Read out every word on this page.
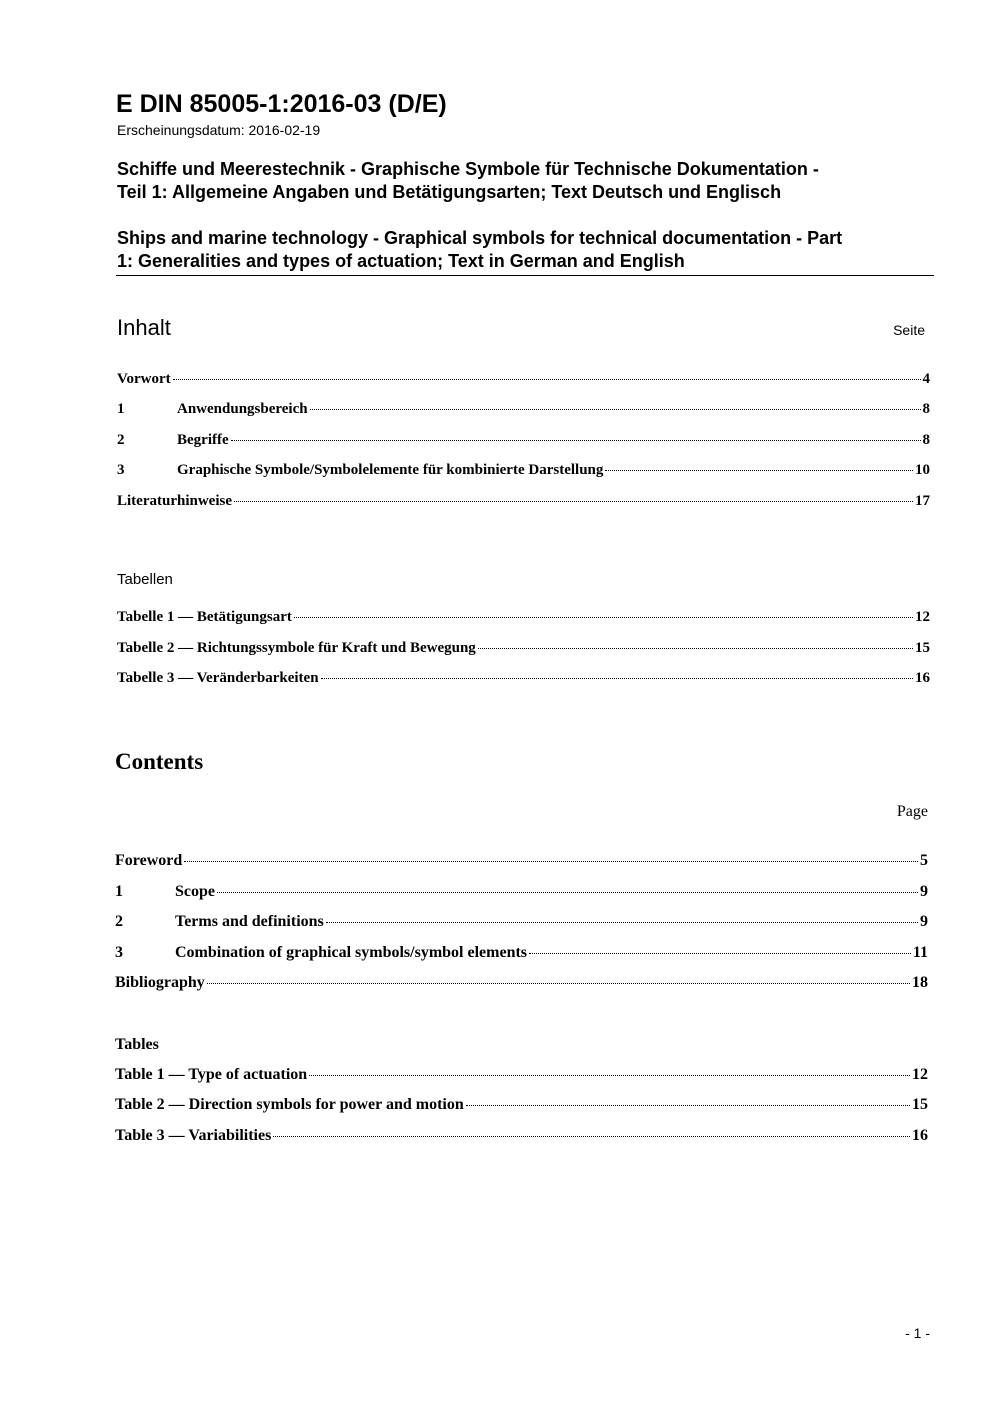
E DIN 85005-1:2016-03 (D/E)
Erscheinungsdatum: 2016-02-19
Schiffe und Meerestechnik - Graphische Symbole für Technische Dokumentation -
Teil 1: Allgemeine Angaben und Betätigungsarten; Text Deutsch und Englisch
Ships and marine technology - Graphical symbols for technical documentation - Part
1: Generalities and types of actuation; Text in German and English
Inhalt	Seite
Vorwort	4
1	Anwendungsbereich	8
2	Begriffe	8
3	Graphische Symbole/Symbolelemente für kombinierte Darstellung	10
Literaturhinweise	17
Tabelle 1 — Betätigungsart	12
Tabelle 2 — Richtungssymbole für Kraft und Bewegung	15
Tabelle 3 — Veränderbarkeiten	16
Tabellen
Contents
Page
Foreword	5
1	Scope	9
2	Terms and definitions	9
3	Combination of graphical symbols/symbol elements	11
Bibliography	18
Table 1 — Type of actuation	12
Table 2 — Direction symbols for power and motion	15
Table 3 — Variabilities	16
Tables
- 1 -
